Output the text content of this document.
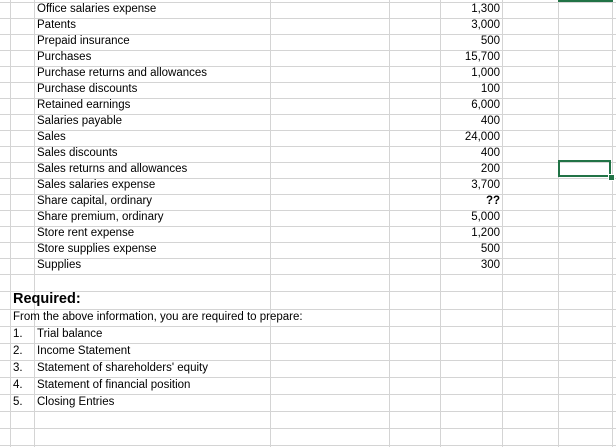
Office salaries expense	1,300
Patents	3,000
Prepaid insurance	500
Purchases	15,700
Purchase returns and allowances	1,000
Purchase discounts	100
Retained earnings	6,000
Salaries payable	400
Sales	24,000
Sales discounts	400
Sales returns and allowances	200
Sales salaries expense	3,700
Share capital, ordinary	??
Share premium, ordinary	5,000
Store rent expense	1,200
Store supplies expense	500
Supplies	300
Required:
From the above information, you are required to prepare:
1. Trial balance
2. Income Statement
3. Statement of shareholders' equity
4. Statement of financial position
5. Closing Entries
